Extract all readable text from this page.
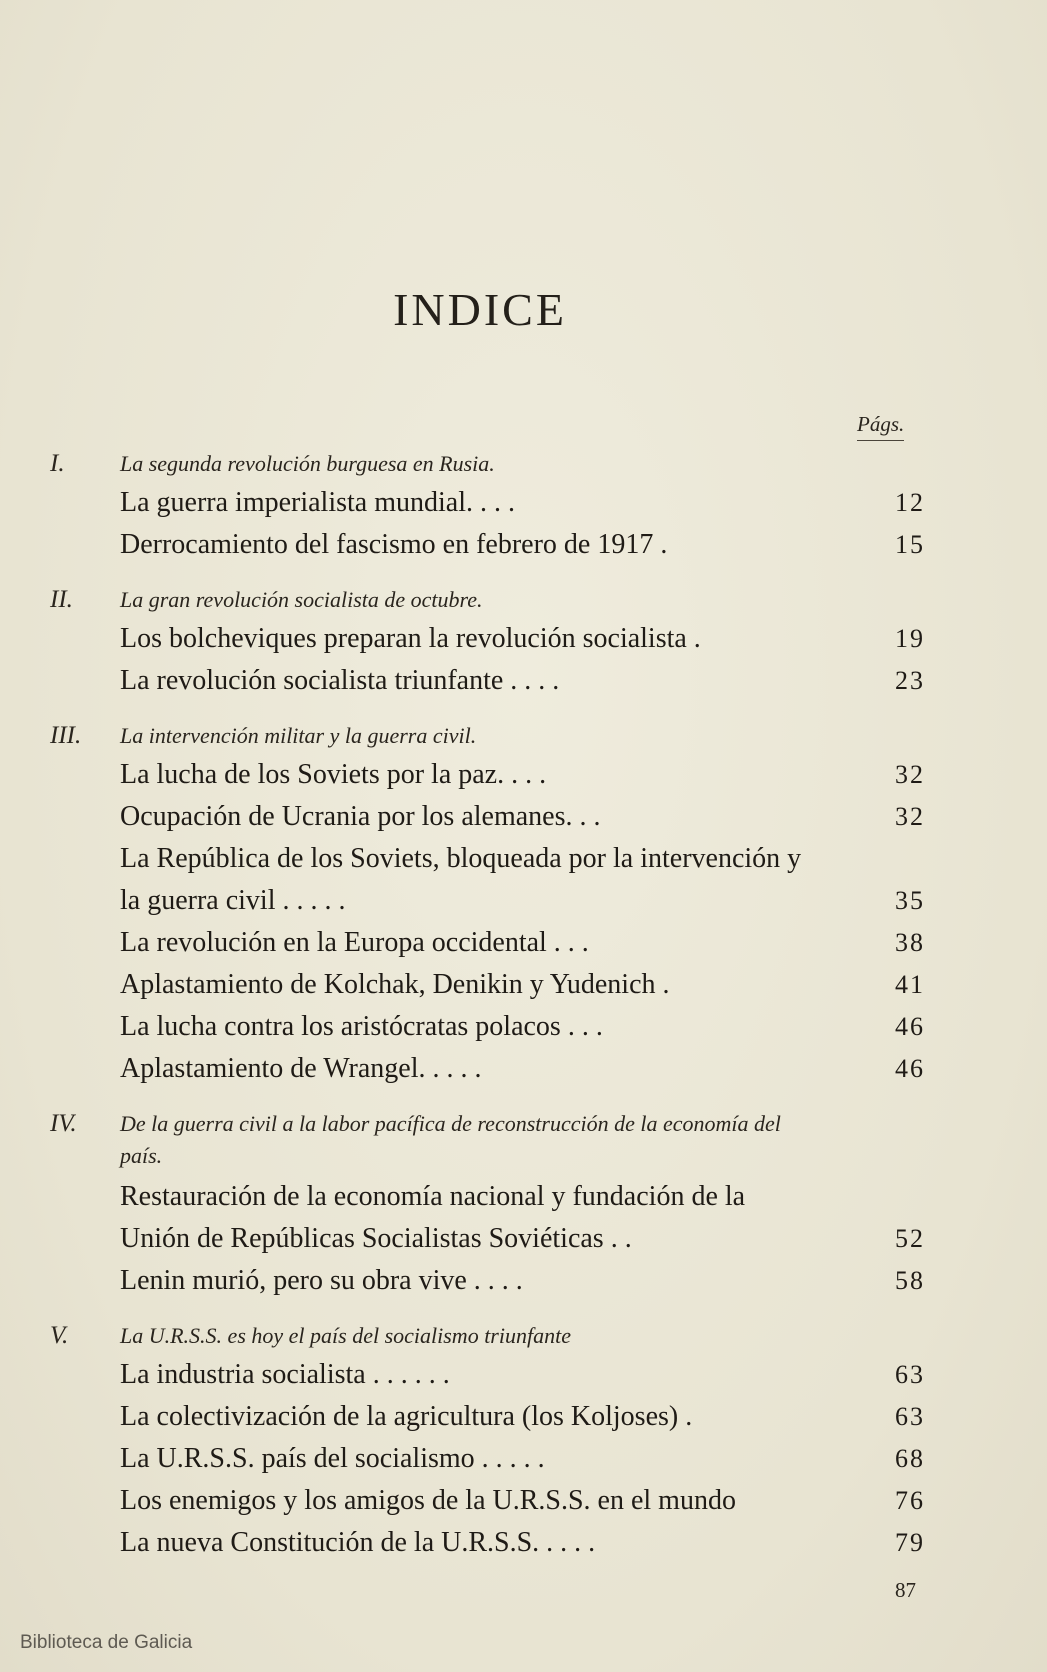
INDICE
Págs.
I.	La segunda revolución burguesa en Rusia.
La guerra imperialista mundial. . . .	12
Derrocamiento del fascismo en febrero de 1917 .	15
II.	La gran revolución socialista de octubre.
Los bolcheviques preparan la revolución socialista .	19
La revolución socialista triunfante . . . .	23
III.	La intervención militar y la guerra civil.
La lucha de los Soviets por la paz. . . .	32
Ocupación de Ucrania por los alemanes. . .	32
La República de los Soviets, bloqueada por la intervención y la guerra civil . . . . .	35
La revolución en la Europa occidental . . .	38
Aplastamiento de Kolchak, Denikin y Yudenich .	41
La lucha contra los aristócratas polacos . . .	46
Aplastamiento de Wrangel. . . . .	46
IV.	De la guerra civil a la labor pacífica de reconstrucción de la economía del país.
Restauración de la economía nacional y fundación de la Unión de Repúblicas Socialistas Soviéticas . .	52
Lenin murió, pero su obra vive . . . .	58
V.	La U.R.S.S. es hoy el país del socialismo triunfante
La industria socialista . . . . . .	63
La colectivización de la agricultura (los Koljoses) .	63
La U.R.S.S. país del socialismo . . . . .	68
Los enemigos y los amigos de la U.R.S.S. en el mundo	76
La nueva Constitución de la U.R.S.S. . . . .	79
87
Biblioteca de Galicia
